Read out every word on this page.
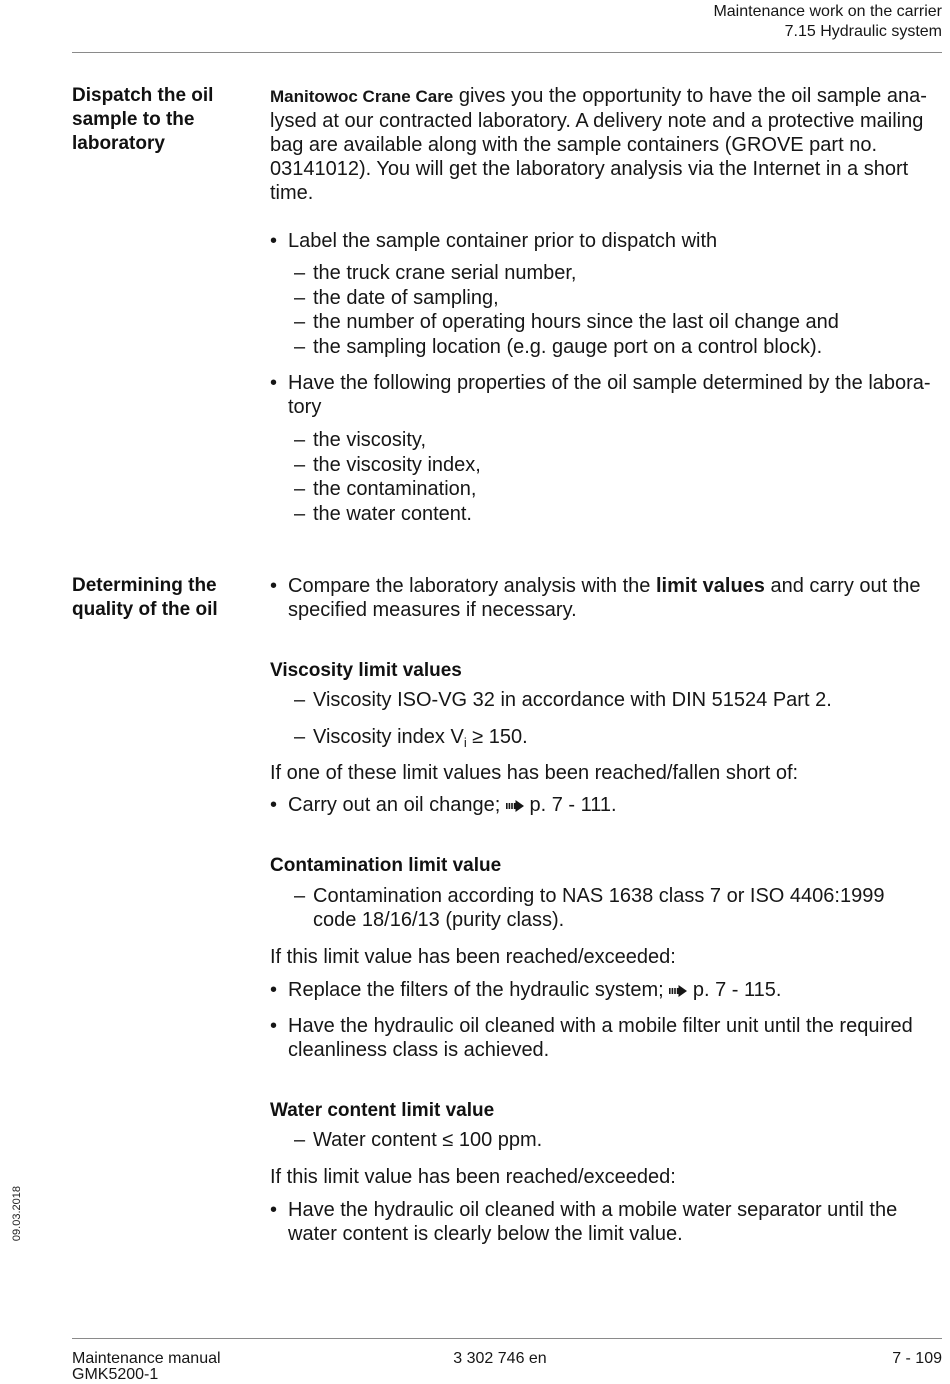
Maintenance work on the carrier
7.15 Hydraulic system
Dispatch the oil
sample to the
laboratory
Manitowoc Crane Care gives you the opportunity to have the oil sample ana-
lysed at our contracted laboratory. A delivery note and a protective mailing
bag are available along with the sample containers (GROVE part no.
03141012). You will get the laboratory analysis via the Internet in a short
time.
• Label the sample container prior to dispatch with
– the truck crane serial number,
– the date of sampling,
– the number of operating hours since the last oil change and
– the sampling location (e.g. gauge port on a control block).
• Have the following properties of the oil sample determined by the labora-
tory
– the viscosity,
– the viscosity index,
– the contamination,
– the water content.
Determining the
quality of the oil
• Compare the laboratory analysis with the limit values and carry out the
specified measures if necessary.
Viscosity limit values
– Viscosity ISO-VG 32 in accordance with DIN 51524 Part 2.
– Viscosity index $V_i \ge 150$.
If one of these limit values has been reached/fallen short of:
• Carry out an oil change; p. 7 - 111.
Contamination limit value
– Contamination according to NAS 1638 class 7 or ISO 4406:1999
code 18/16/13 (purity class).
If this limit value has been reached/exceeded:
• Replace the filters of the hydraulic system; p. 7 - 115.
• Have the hydraulic oil cleaned with a mobile filter unit until the required
cleanliness class is achieved.
Water content limit value
– Water content ≤ 100 ppm.
If this limit value has been reached/exceeded:
• Have the hydraulic oil cleaned with a mobile water separator until the
water content is clearly below the limit value.
09.03.2018
Maintenance manual
GMK5200-1
3 302 746 en	7 - 109
